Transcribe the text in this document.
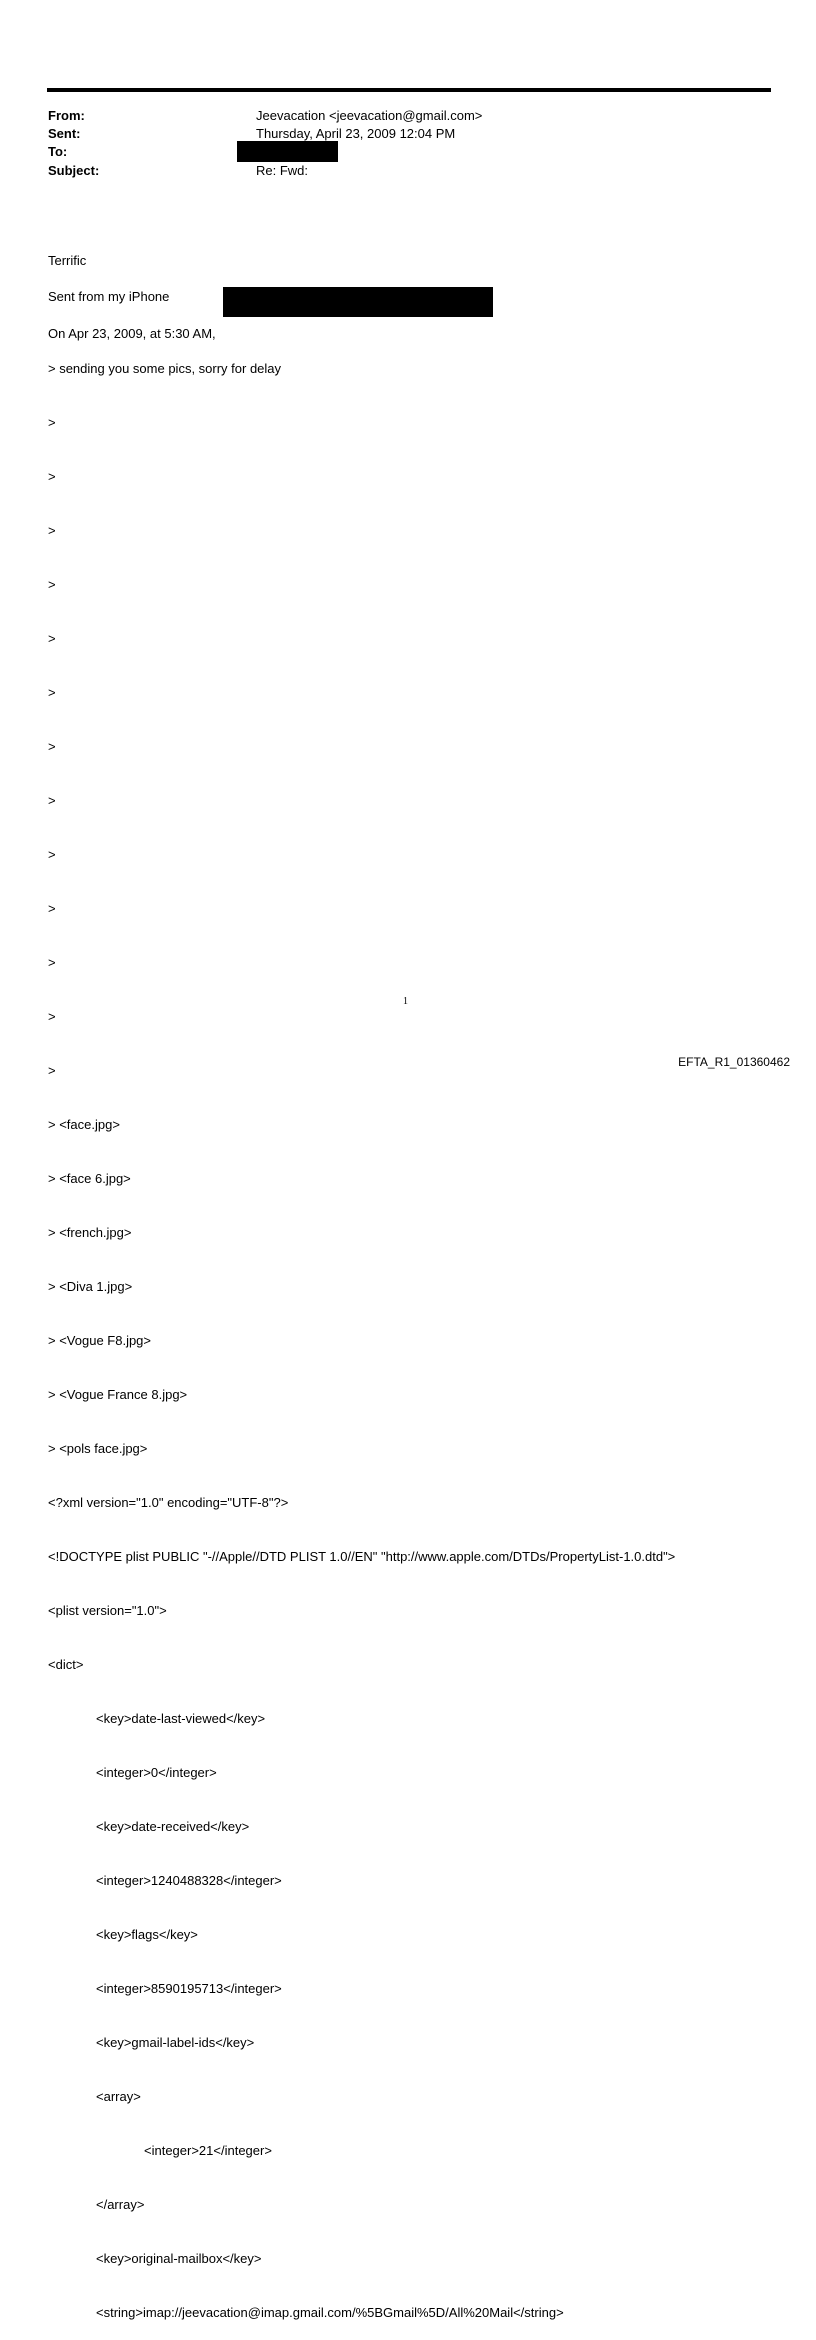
From:	Jeevacation <jeevacation@gmail.com>
Sent:	Thursday, April 23, 2009 12:04 PM
To:
Subject:	Re: Fwd:

Terrific

Sent from my iPhone

On Apr 23, 2009, at 5:30 AM,

> sending you some pics, sorry for delay

>

>

>

>

>

>

>

>

>

>

>

>

>

> <face.jpg>

> <face 6.jpg>

> <french.jpg>

> <Diva 1.jpg>

> <Vogue F8.jpg>

> <Vogue France 8.jpg>

> <pols face.jpg>

<?xml version="1.0" encoding="UTF-8"?>

<!DOCTYPE plist PUBLIC "-//Apple//DTD PLIST 1.0//EN" "http://www.apple.com/DTDs/PropertyList-1.0.dtd">

<plist version="1.0">

<dict>

<key>date-last-viewed</key>

<integer>0</integer>

<key>date-received</key>

<integer>1240488328</integer>

<key>flags</key>

<integer>8590195713</integer>

<key>gmail-label-ids</key>

<array>

<integer>21</integer>

</array>

<key>original-mailbox</key>

<string>imap://jeevacation@imap.gmail.com/%5BGmail%5D/All%20Mail</string>

1
EFTA_R1_01360462
